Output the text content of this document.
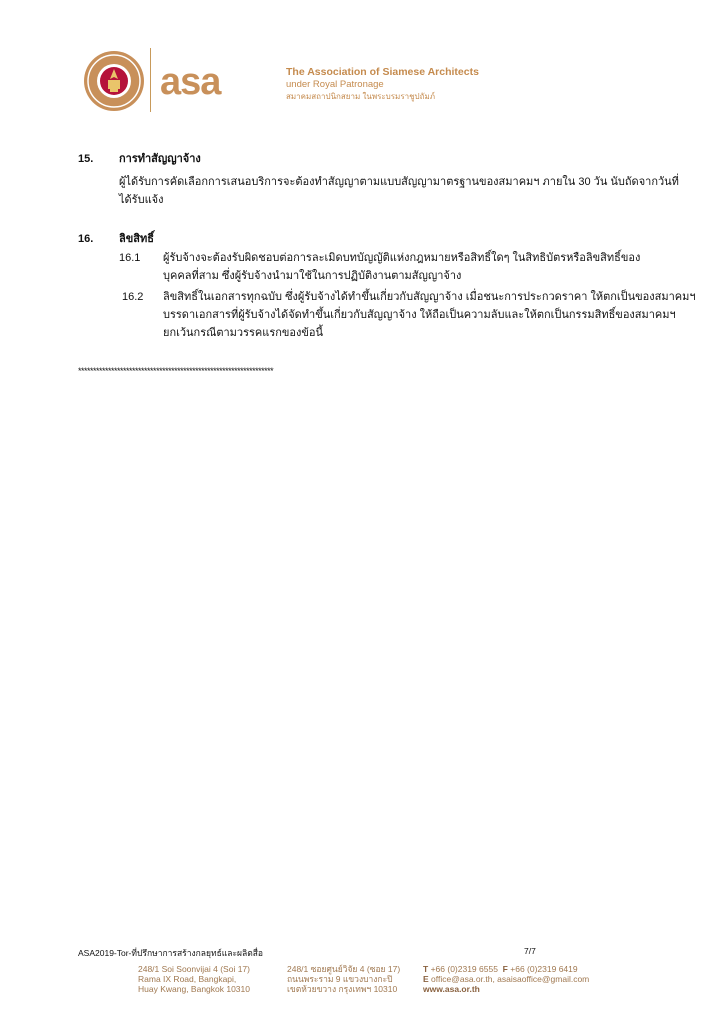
asa	The Association of Siamese Architects
under Royal Patronage
สมาคมสถาปนิกสยาม ในพระบรมราชูปถัมภ์
15. การทำสัญญาจ้าง
ผู้ได้รับการคัดเลือกการเสนอบริการจะต้องทำสัญญาตามแบบสัญญามาตรฐานของสมาคมฯ ภายใน 30 วัน นับถัดจากวันที่
ได้รับแจ้ง
16. ลิขสิทธิ์
16.1 ผู้รับจ้างจะต้องรับผิดชอบต่อการละเมิดบทบัญญัติแห่งกฎหมายหรือสิทธิ์ใดๆ ในสิทธิบัตรหรือลิขสิทธิ์ของ
บุคคลที่สาม ซึ่งผู้รับจ้างนำมาใช้ในการปฏิบัติงานตามสัญญาจ้าง
16.2 ลิขสิทธิ์ในเอกสารทุกฉบับ ซึ่งผู้รับจ้างได้ทำขึ้นเกี่ยวกับสัญญาจ้าง เมื่อชนะการประกวดราคา ให้ตกเป็นของสมาคมฯ
บรรดาเอกสารที่ผู้รับจ้างได้จัดทำขึ้นเกี่ยวกับสัญญาจ้าง ให้ถือเป็นความลับและให้ตกเป็นกรรมสิทธิ์ของสมาคมฯ
ยกเว้นกรณีตามวรรคแรกของข้อนี้
*****************************************************************
ASA2019-Tor-ที่ปรึกษาการสร้างกลยุทธ์และผลิตสื่อ	7/7
248/1 Soi Soonvijai 4 (Soi 17)
Rama IX Road, Bangkapi,
Huay Kwang, Bangkok 10310
248/1 ซอยศูนย์วิจัย 4 (ซอย 17)
ถนนพระราม 9 แขวงบางกะปิ
เขตห้วยขวาง กรุงเทพฯ 10310
T +66 (0)2319 6555 F +66 (0)2319 6419
E office@asa.or.th, asaisaoffice@gmail.com
www.asa.or.th
